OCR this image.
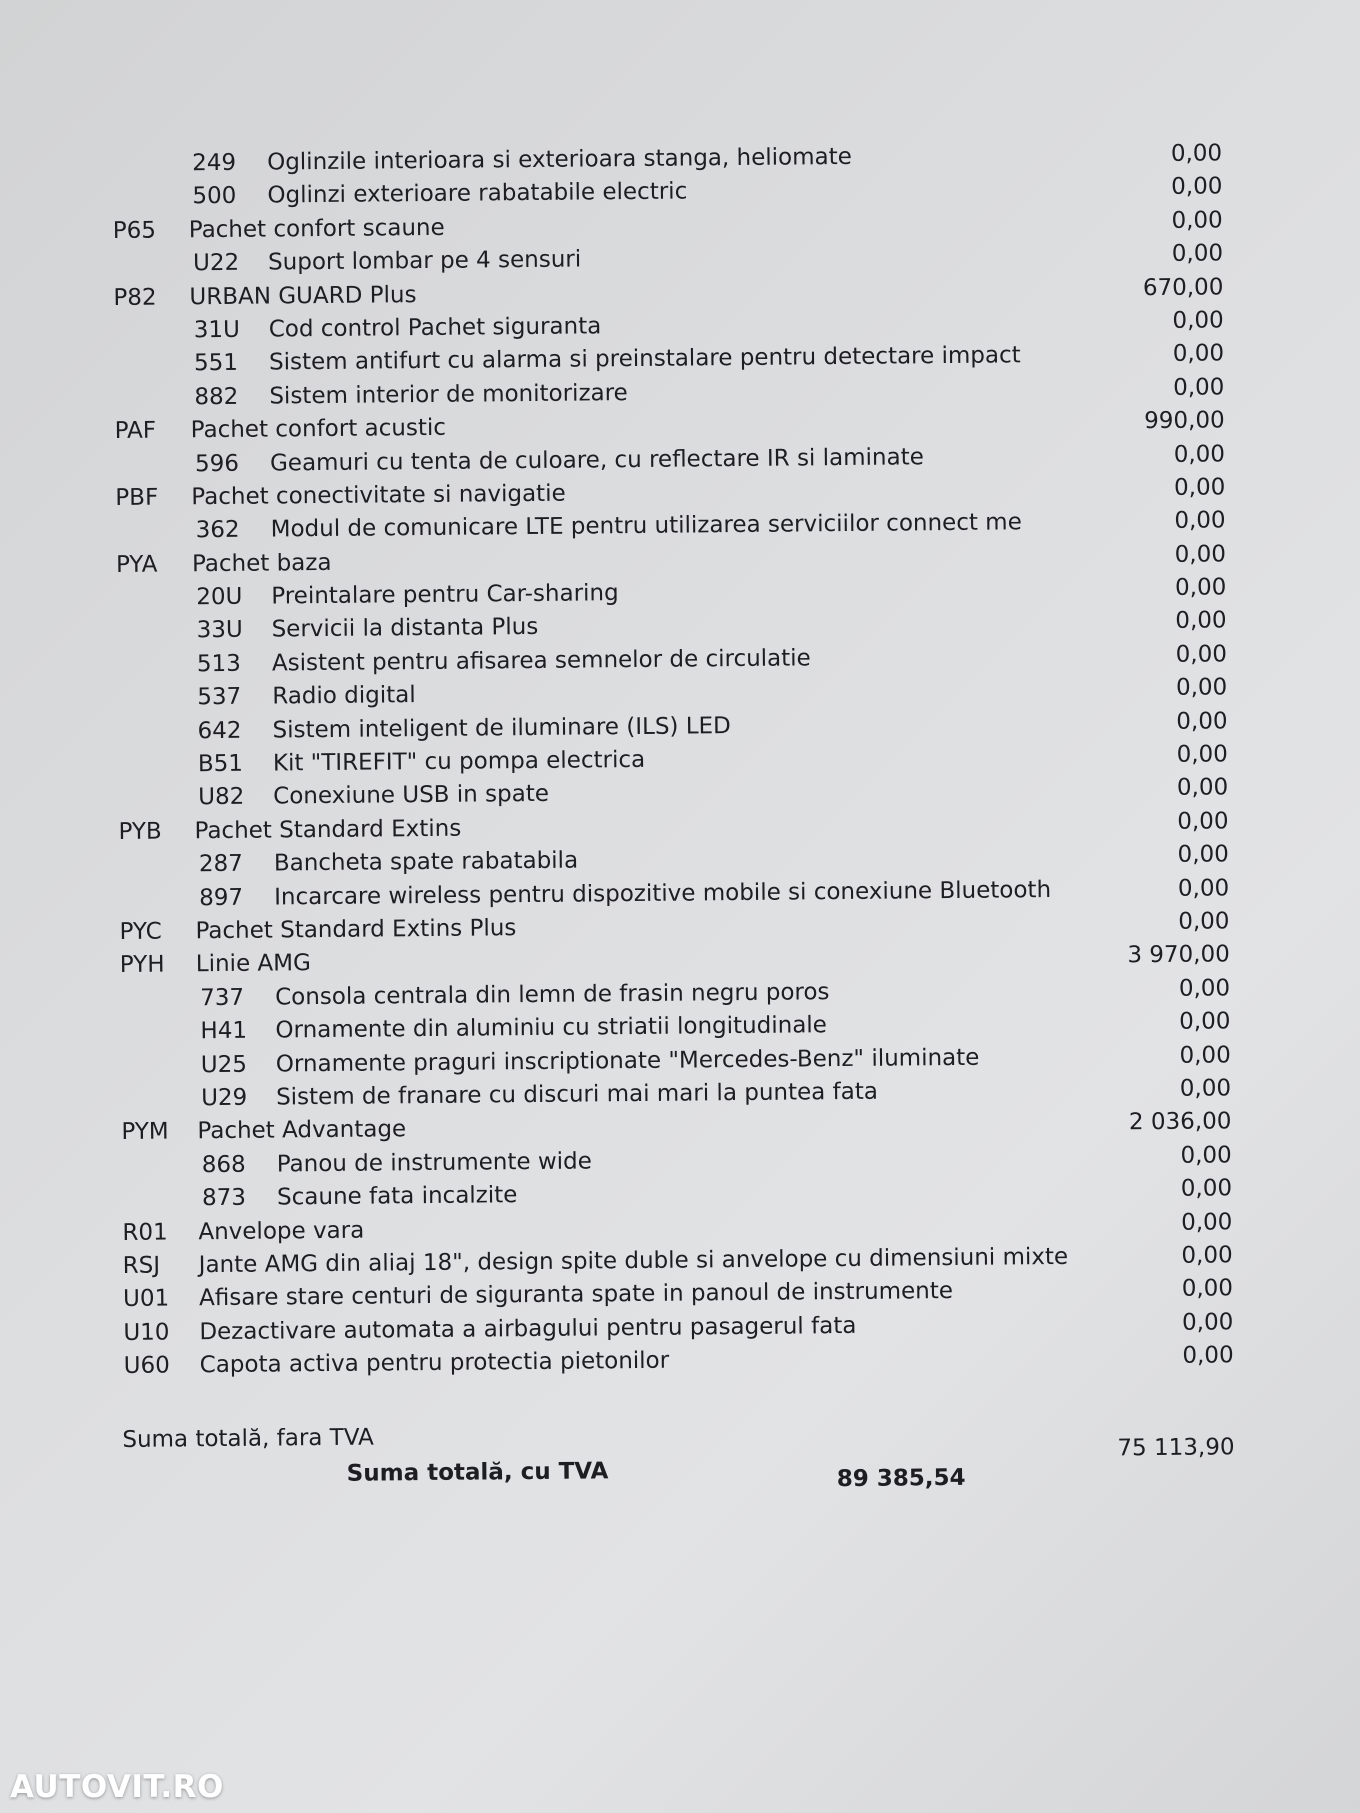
249 Oglinzile interioara si exterioara stanga, heliomate	0,00
500 Oglinzi exterioare rabatabile electric	0,00
P65 Pachet confort scaune	0,00
U22 Suport lombar pe 4 sensuri	0,00
P82 URBAN GUARD Plus	670,00
31U Cod control Pachet siguranta	0,00
551 Sistem antifurt cu alarma si preinstalare pentru detectare impact	0,00
882 Sistem interior de monitorizare	0,00
PAF Pachet confort acustic	990,00
596 Geamuri cu tenta de culoare, cu reflectare IR si laminate	0,00
PBF Pachet conectivitate si navigatie	0,00
362 Modul de comunicare LTE pentru utilizarea serviciilor connect me	0,00
PYA Pachet baza	0,00
20U Preintalare pentru Car-sharing	0,00
33U Servicii la distanta Plus	0,00
513 Asistent pentru afisarea semnelor de circulatie	0,00
537 Radio digital	0,00
642 Sistem inteligent de iluminare (ILS) LED	0,00
B51 Kit "TIREFIT" cu pompa electrica	0,00
U82 Conexiune USB in spate	0,00
PYB Pachet Standard Extins	0,00
287 Bancheta spate rabatabila	0,00
897 Incarcare wireless pentru dispozitive mobile si conexiune Bluetooth	0,00
PYC Pachet Standard Extins Plus	0,00
PYH Linie AMG	3 970,00
737 Consola centrala din lemn de frasin negru poros	0,00
H41 Ornamente din aluminiu cu striatii longitudinale	0,00
U25 Ornamente praguri inscriptionate "Mercedes-Benz" iluminate	0,00
U29 Sistem de franare cu discuri mai mari la puntea fata	0,00
PYM Pachet Advantage	2 036,00
868 Panou de instrumente wide	0,00
873 Scaune fata incalzite	0,00
R01 Anvelope vara	0,00
RSJ Jante AMG din aliaj 18", design spite duble si anvelope cu dimensiuni mixte	0,00
U01 Afisare stare centuri de siguranta spate in panoul de instrumente	0,00
U10 Dezactivare automata a airbagului pentru pasagerul fata	0,00
U60 Capota activa pentru protectia pietonilor	0,00
Suma totală, fara TVA	75 113,90
Suma totală, cu TVA	89 385,54
AUTOVIT.RO
